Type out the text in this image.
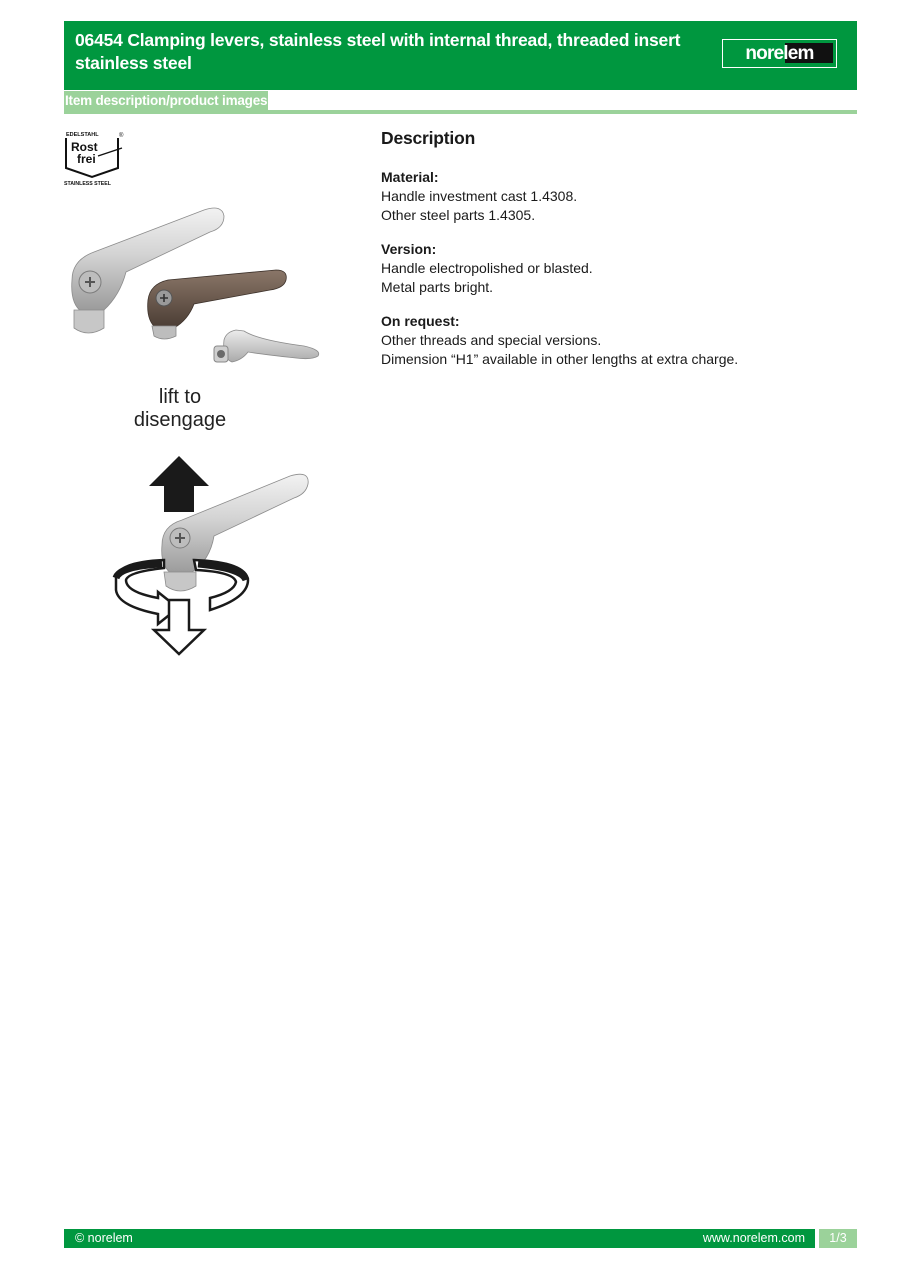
06454 Clamping levers, stainless steel with internal thread, threaded insert stainless steel	norelem
Item description/product images
EDELSTAHL	®
Rost
frei
STAINLESS STEEL
lift to
disengage
Description
Material:
Handle investment cast 1.4308.
Other steel parts 1.4305.
Version:
Handle electropolished or blasted.
Metal parts bright.
On request:
Other threads and special versions.
Dimension “H1” available in other lengths at extra charge.
© norelem	www.norelem.com	1/3
